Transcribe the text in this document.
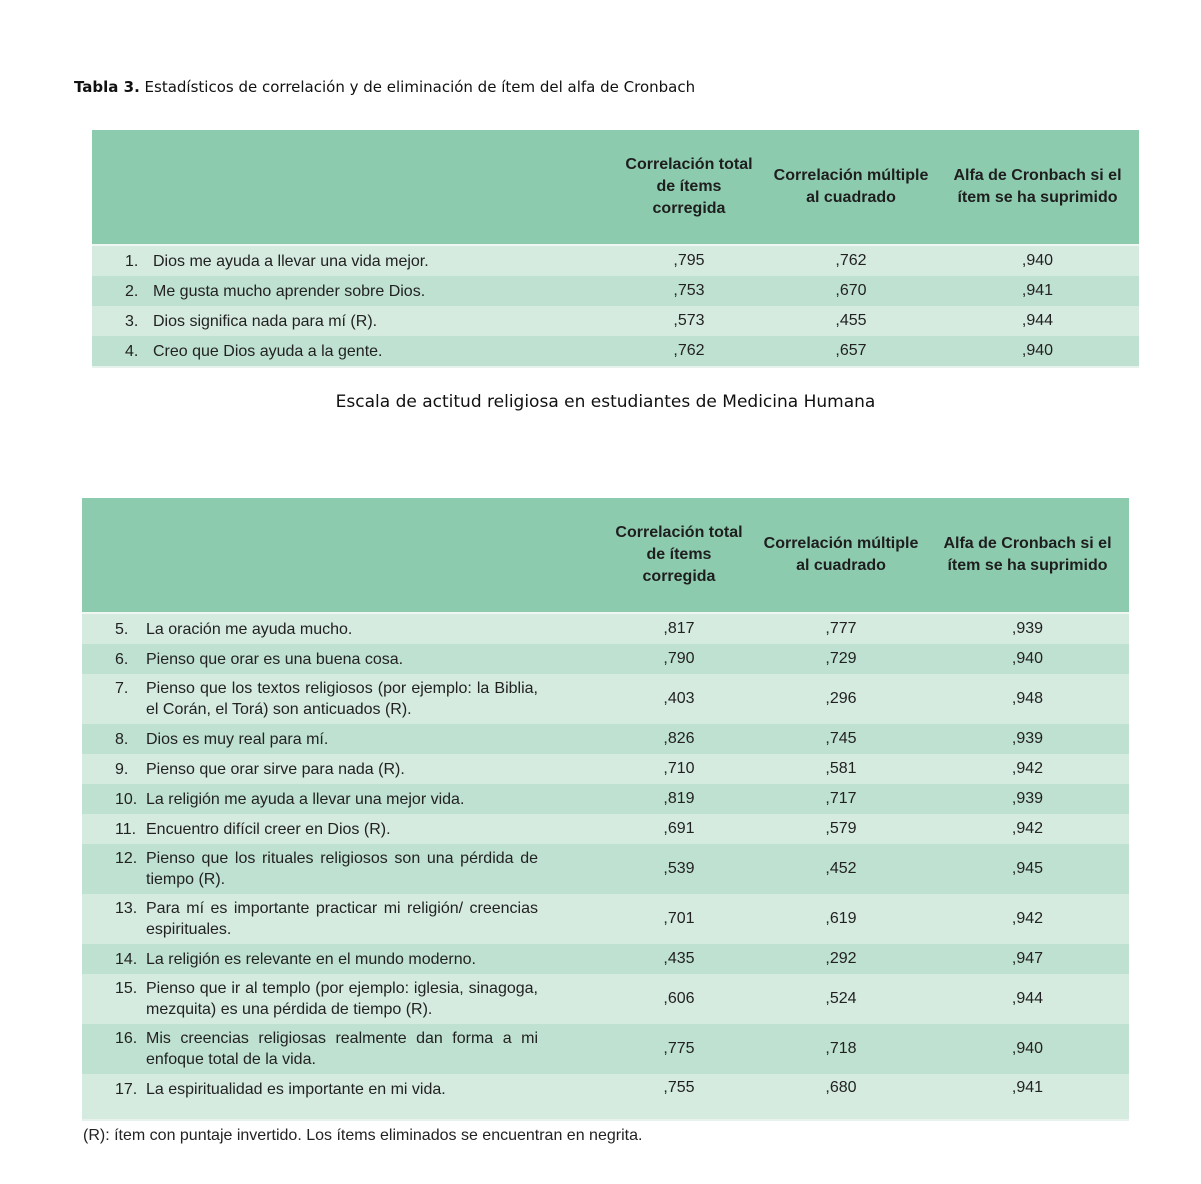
Tabla 3. Estadísticos de correlación y de eliminación de ítem del alfa de Cronbach
	Correlación total de ítems corregida	Correlación múltiple al cuadrado	Alfa de Cronbach si el ítem se ha suprimido

1. Dios me ayuda a llevar una vida mejor.	,795	,762	,940

2. Me gusta mucho aprender sobre Dios.	,753	,670	,941

3. Dios significa nada para mí (R).	,573	,455	,944

4. Creo que Dios ayuda a la gente.	,762	,657	,940
Escala de actitud religiosa en estudiantes de Medicina Humana
	Correlación total de ítems corregida	Correlación múltiple al cuadrado	Alfa de Cronbach si el ítem se ha suprimido

5. La oración me ayuda mucho.	,817	,777	,939

6. Pienso que orar es una buena cosa.	,790	,729	,940

7. Pienso que los textos religiosos (por ejemplo: la Biblia, el Corán, el Torá) son anticuados (R).	,403	,296	,948

8. Dios es muy real para mí.	,826	,745	,939

9. Pienso que orar sirve para nada (R).	,710	,581	,942

10. La religión me ayuda a llevar una mejor vida.	,819	,717	,939

11. Encuentro difícil creer en Dios (R).	,691	,579	,942

12. Pienso que los rituales religiosos son una pérdida de tiempo (R).	,539	,452	,945

13. Para mí es importante practicar mi religión/ creencias espirituales.	,701	,619	,942

14. La religión es relevante en el mundo moderno.	,435	,292	,947

15. Pienso que ir al templo (por ejemplo: iglesia, sinagoga, mezquita) es una pérdida de tiempo (R).	,606	,524	,944

16. Mis creencias religiosas realmente dan forma a mi enfoque total de la vida.	,775	,718	,940

17. La espiritualidad es importante en mi vida.	,755	,680	,941
(R): ítem con puntaje invertido. Los ítems eliminados se encuentran en negrita.
